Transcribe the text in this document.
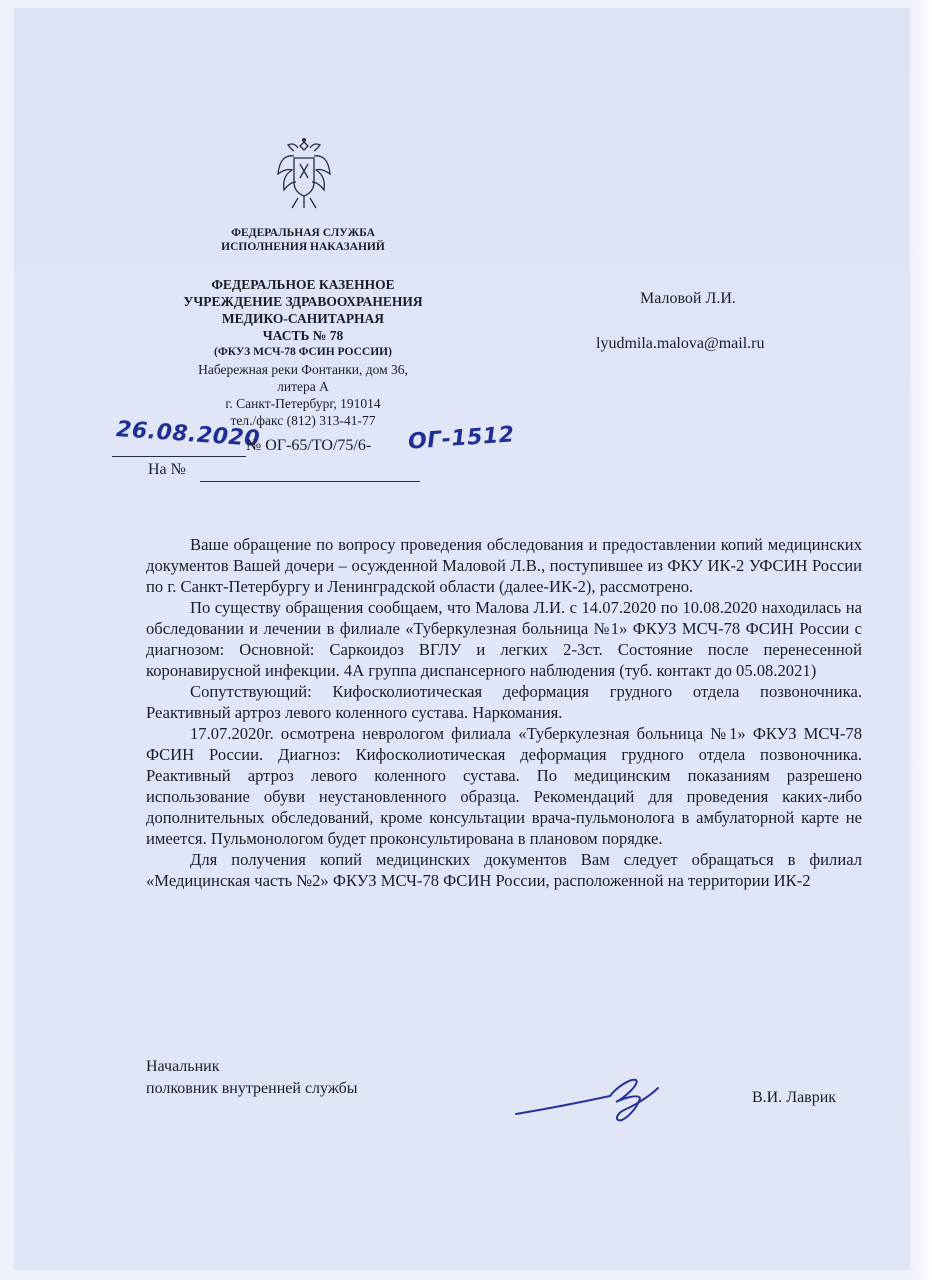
ФЕДЕРАЛЬНАЯ СЛУЖБА
ИСПОЛНЕНИЯ НАКАЗАНИЙ
ФЕДЕРАЛЬНОЕ КАЗЕННОЕ
УЧРЕЖДЕНИЕ ЗДРАВООХРАНЕНИЯ
МЕДИКО-САНИТАРНАЯ
ЧАСТЬ № 78
(ФКУЗ МСЧ-78 ФСИН РОССИИ)
Набережная реки Фонтанки, дом 36,
литера А
г. Санкт-Петербург, 191014
тел./факс (812) 313-41-77
Маловой Л.И.
lyudmila.malova@mail.ru
26.08.2020
№ ОГ-65/ТО/75/6- ОГ-1512
На №

Ваше обращение по вопросу проведения обследования и предоставлении копий медицинских документов Вашей дочери – осужденной Маловой Л.В., поступившее из ФКУ ИК-2 УФСИН России по г. Санкт-Петербургу и Ленинградской области (далее-ИК-2), рассмотрено.

По существу обращения сообщаем, что Малова Л.И. с 14.07.2020 по 10.08.2020 находилась на обследовании и лечении в филиале «Туберкулезная больница №1» ФКУЗ МСЧ-78 ФСИН России с диагнозом: Основной: Саркоидоз ВГЛУ и легких 2-3ст. Состояние после перенесенной коронавирусной инфекции. 4А группа диспансерного наблюдения (туб. контакт до 05.08.2021)

Сопутствующий: Кифосколиотическая деформация грудного отдела позвоночника. Реактивный артроз левого коленного сустава. Наркомания.

17.07.2020г. осмотрена неврологом филиала «Туберкулезная больница №1» ФКУЗ МСЧ-78 ФСИН России. Диагноз: Кифосколиотическая деформация грудного отдела позвоночника. Реактивный артроз левого коленного сустава. По медицинским показаниям разрешено использование обуви неустановленного образца. Рекомендаций для проведения каких-либо дополнительных обследований, кроме консультации врача-пульмонолога в амбулаторной карте не имеется. Пульмонологом будет проконсультирована в плановом порядке.

Для получения копий медицинских документов Вам следует обращаться в филиал «Медицинская часть №2» ФКУЗ МСЧ-78 ФСИН России, расположенной на территории ИК-2

Начальник
полковник внутренней службы
В.И. Лаврик
